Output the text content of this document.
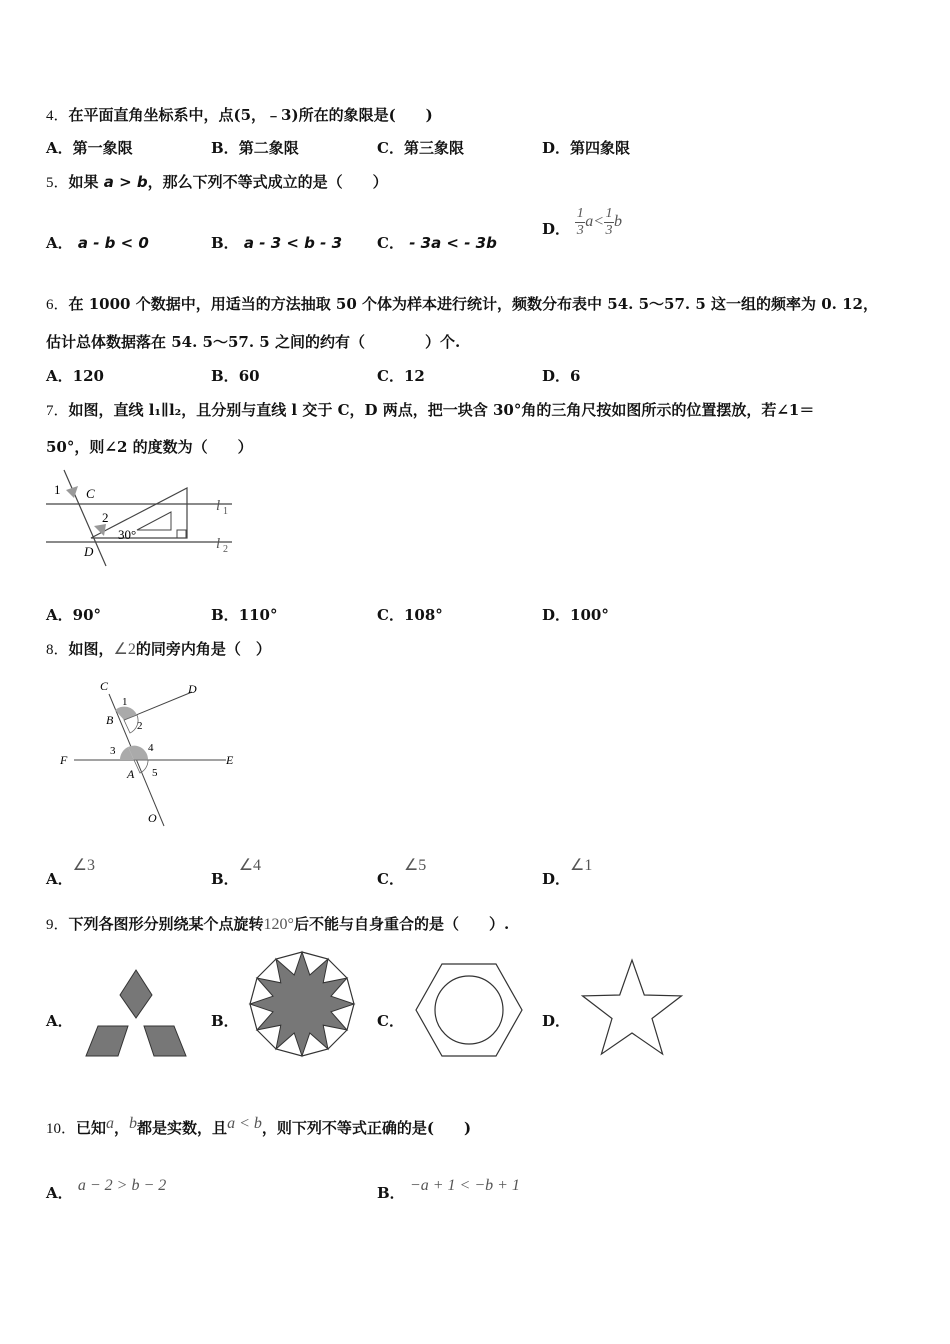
4．在平面直角坐标系中，点(5，﹣3)所在的象限是(　　)
A．第一象限	B．第二象限	C．第三象限	D．第四象限
5．如果 a > b，那么下列不等式成立的是（　　）
A． a - b < 0	B． a - 3 < b - 3 C． - 3a < - 3b
D． $\frac{1}{3} a< \frac{1}{3}$ b
6．在 1000 个数据中，用适当的方法抽取 50 个体为样本进行统计，频数分布表中 54. 5～57. 5 这一组的频率为 0. 12，
估计总体数据落在 54. 5～57. 5 之间的约有（　　　　）个.
A．120	B．60	C．12	D．6
7．如图，直线 l₁∥l₂，且分别与直线 l 交于 C，D 两点，把一块含 30°角的三角尺按如图所示的位置摆放，若∠1＝
50°，则∠2 的度数为（　　）
1 C
2
30°
D
l 1
l 2
A．90°	B．110°	C．108°	D．100°
8．如图，∠2的同旁内角是（　）
C	D
1
B 2
3	4
F	E
A 5
O
A．∠3
B．∠4
C．∠5
D．∠1
9．下列各图形分别绕某个点旋转120°后不能与自身重合的是（　　）.
A．	B．	C．	D．
10．已知a，b都是实数，且a < b，则下列不等式正确的是(　　)
A． a − 2 > b − 2	B． −a + 1 < −b + 1
